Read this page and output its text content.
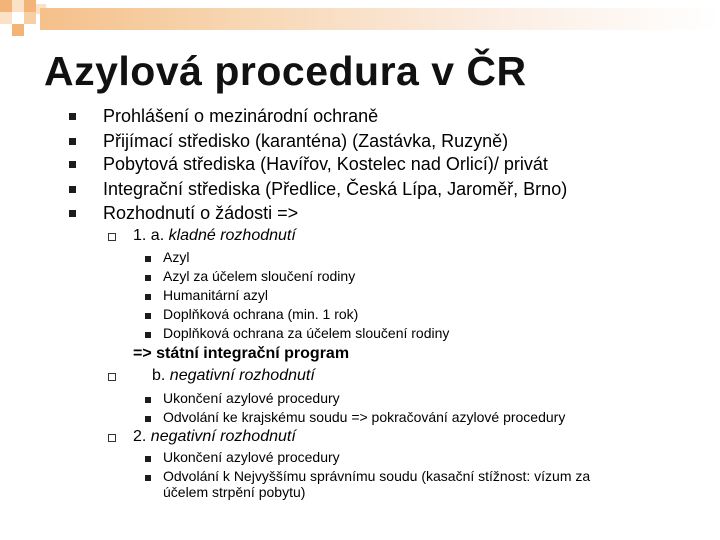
Azylová procedura v ČR
Prohlášení o mezinárodní ochraně
Přijímací středisko (karanténa) (Zastávka, Ruzyně)
Pobytová střediska (Havířov, Kostelec nad Orlicí)/ privát
Integrační střediska (Předlice, Česká Lípa, Jaroměř, Brno)
Rozhodnutí o žádosti =>
1. a. kladné rozhodnutí
Azyl
Azyl za účelem sloučení rodiny
Humanitární azyl
Doplňková ochrana (min. 1 rok)
Doplňková ochrana za účelem sloučení rodiny
=> státní integrační program
b. negativní rozhodnutí
Ukončení azylové procedury
Odvolání ke krajskému soudu => pokračování azylové procedury
2. negativní rozhodnutí
Ukončení azylové procedury
Odvolání k Nejvyššímu správnímu soudu (kasační stížnost: vízum za
účelem strpění pobytu)
